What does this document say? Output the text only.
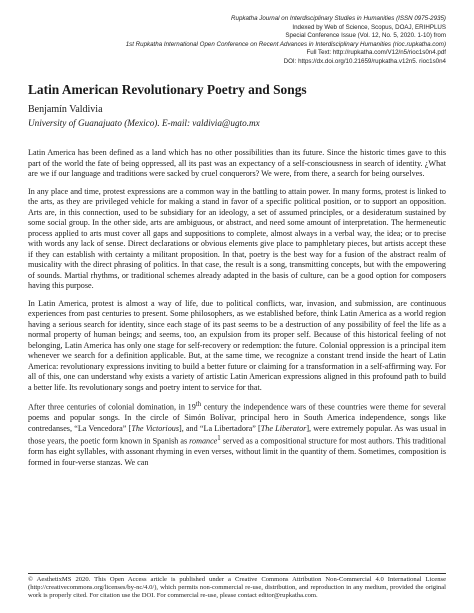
Rupkatha Journal on Interdisciplinary Studies in Humanities (ISSN 0975-2935)
Indexed by Web of Science, Scopus, DOAJ, ERIHPLUS
Special Conference Issue (Vol. 12, No. 5, 2020. 1-10) from
1st Rupkatha International Open Conference on Recent Advances in Interdisciplinary Humanities (rioc.rupkatha.com)
Full Text: http://rupkatha.com/V12/n5/rioc1s0n4.pdf
DOI: https://dx.doi.org/10.21659/rupkatha.v12n5. rioc1s0n4
Latin American Revolutionary Poetry and Songs
Benjamín Valdivia
University of Guanajuato (Mexico). E-mail: valdivia@ugto.mx

Latin America has been defined as a land which has no other possibilities than its future. Since the historic times gave to this part of the world the fate of being oppressed, all its past was an expectancy of a self-consciousness in search of identity. ¿What are we if our language and traditions were sacked by cruel conquerors? We were, from there, a search for being ourselves.

In any place and time, protest expressions are a common way in the battling to attain power. In many forms, protest is linked to the arts, as they are privileged vehicle for making a stand in favor of a specific political position, or to support an opposition. Arts are, in this connection, used to be subsidiary for an ideology, a set of assumed principles, or a desideratum sustained by some social group. In the other side, arts are ambiguous, or abstract, and need some amount of interpretation. The hermeneutic process applied to arts must cover all gaps and suppositions to complete, almost always in a verbal way, the idea; or to precise with words any lack of sense. Direct declarations or obvious elements give place to pamphletary pieces, but artists accept these if they can establish with certainty a militant proposition. In that, poetry is the best way for a fusion of the abstract realm of musicality with the direct phrasing of politics. In that case, the result is a song, transmitting concepts, but with the empowering of sounds. Martial rhythms, or traditional schemes already adapted in the basis of culture, can be a good option for composers having this purpose.

In Latin America, protest is almost a way of life, due to political conflicts, war, invasion, and submission, are continuous experiences from past centuries to present. Some philosophers, as we established before, think Latin America as a world region having a serious search for identity, since each stage of its past seems to be a destruction of any possibility of feel the life as a normal property of human beings; and seems, too, an expulsion from its proper self. Because of this historical feeling of not belonging, Latin America has only one stage for self-recovery or redemption: the future. Colonial oppression is a principal item whenever we search for a definition applicable. But, at the same time, we recognize a constant trend inside the heart of Latin America: revolutionary expressions inviting to build a better future or claiming for a transformation in a self-affirming way. For all of this, one can understand why exists a variety of artistic Latin American expressions aligned in this profound path to build a better life. Its revolutionary songs and poetry intent to service for that.

After three centuries of colonial domination, in 19th century the independence wars of these countries were theme for several poems and popular songs. In the circle of Simón Bolívar, principal hero in South America independence, songs like contredanses, “La Vencedora” [The Victorious], and “La Libertadora” [The Liberator], were extremely popular. As was usual in those years, the poetic form known in Spanish as romance$^1$ served as a compositional structure for most authors. This traditional form has eight syllables, with assonant rhyming in even verses, without limit in the quantity of them. Sometimes, composition is formed in four-verse stanzas. We can

© AesthetixMS 2020. This Open Access article is published under a Creative Commons Attribution Non-Commercial 4.0 International License (http://creativecommons.org/licenses/by-nc/4.0/), which permits non-commercial re-use, distribution, and reproduction in any medium, provided the original work is properly cited. For citation use the DOI. For commercial re-use, please contact editor@rupkatha.com.
